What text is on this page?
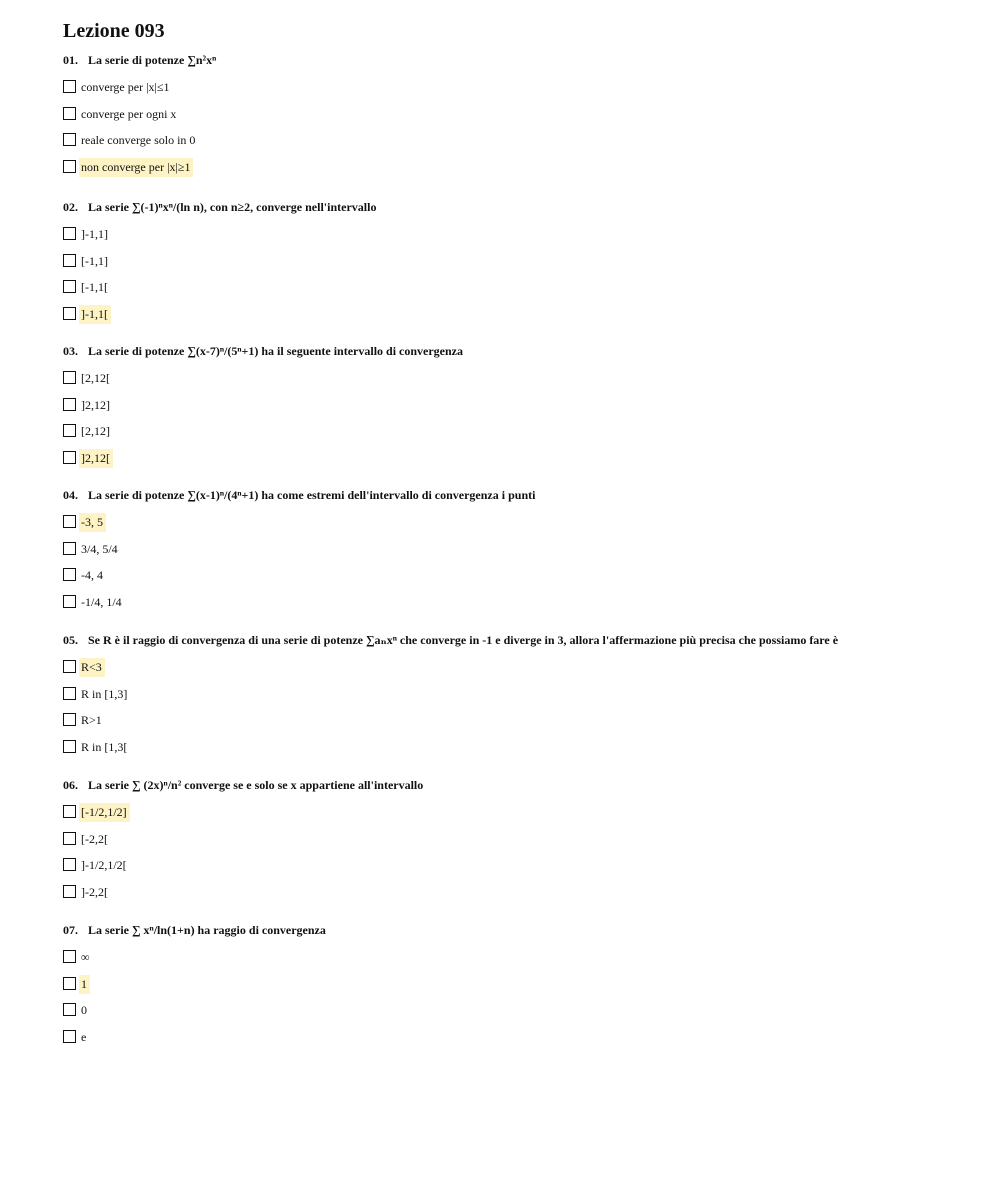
Lezione 093
01. La serie di potenze ∑n²xⁿ
converge per |x|≤1
converge per ogni x
reale converge solo in 0
non converge per |x|≥1
02. La serie ∑(-1)ⁿxⁿ/(ln n), con n≥2, converge nell'intervallo
]-1,1]
[-1,1]
[-1,1[
]-1,1[
03. La serie di potenze ∑(x-7)ⁿ/(5ⁿ+1) ha il seguente intervallo di convergenza
[2,12[
]2,12]
[2,12]
]2,12[
04. La serie di potenze ∑(x-1)ⁿ/(4ⁿ+1) ha come estremi dell'intervallo di convergenza i punti
-3, 5
3/4, 5/4
-4, 4
-1/4, 1/4
05. Se R è il raggio di convergenza di una serie di potenze ∑aₙxⁿ che converge in -1 e diverge in 3, allora l'affermazione più precisa che possiamo fare è
R<3
R in [1,3]
R>1
R in [1,3[
06. La serie ∑ (2x)ⁿ/n² converge se e solo se x appartiene all'intervallo
[-1/2,1/2]
[-2,2[
]-1/2,1/2[
]-2,2[
07. La serie ∑ xⁿ/ln(1+n) ha raggio di convergenza
∞
1
0
e
